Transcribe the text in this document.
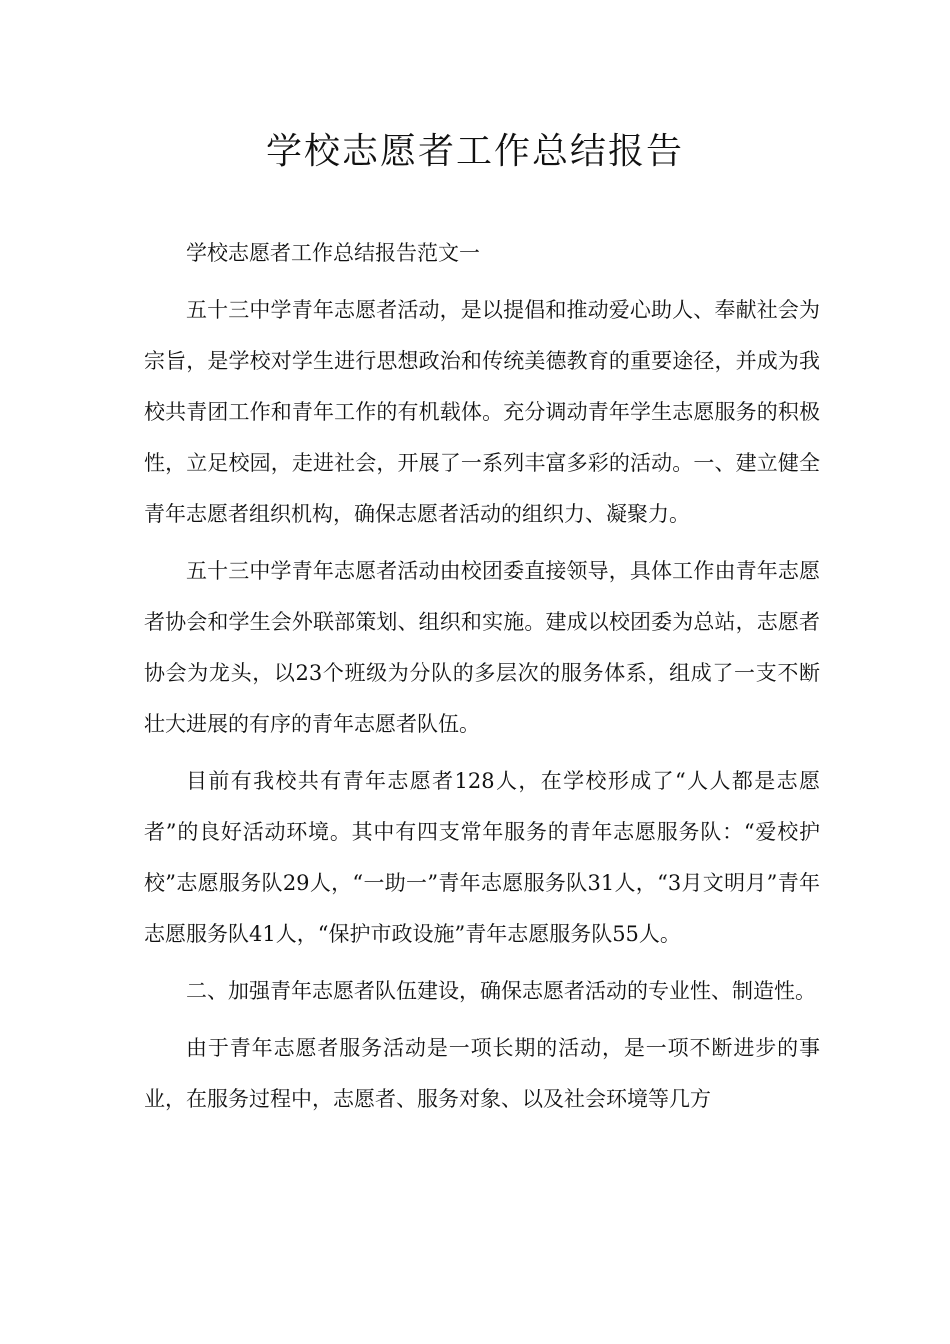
学校志愿者工作总结报告

学校志愿者工作总结报告范文一

五十三中学青年志愿者活动，是以提倡和推动爱心助人、奉献社会为宗旨，是学校对学生进行思想政治和传统美德教育的重要途径，并成为我校共青团工作和青年工作的有机载体。充分调动青年学生志愿服务的积极性，立足校园，走进社会，开展了一系列丰富多彩的活动。一、建立健全青年志愿者组织机构，确保志愿者活动的组织力、凝聚力。

五十三中学青年志愿者活动由校团委直接领导，具体工作由青年志愿者协会和学生会外联部策划、组织和实施。建成以校团委为总站，志愿者协会为龙头，以23个班级为分队的多层次的服务体系，组成了一支不断壮大进展的有序的青年志愿者队伍。

目前有我校共有青年志愿者128人，在学校形成了“人人都是志愿者”的良好活动环境。其中有四支常年服务的青年志愿服务队：“爱校护校”志愿服务队29人，“一助一”青年志愿服务队31人，“3月文明月”青年志愿服务队41人，“保护市政设施”青年志愿服务队55人。

二、加强青年志愿者队伍建设，确保志愿者活动的专业性、制造性。

由于青年志愿者服务活动是一项长期的活动，是一项不断进步的事业，在服务过程中，志愿者、服务对象、以及社会环境等几方
